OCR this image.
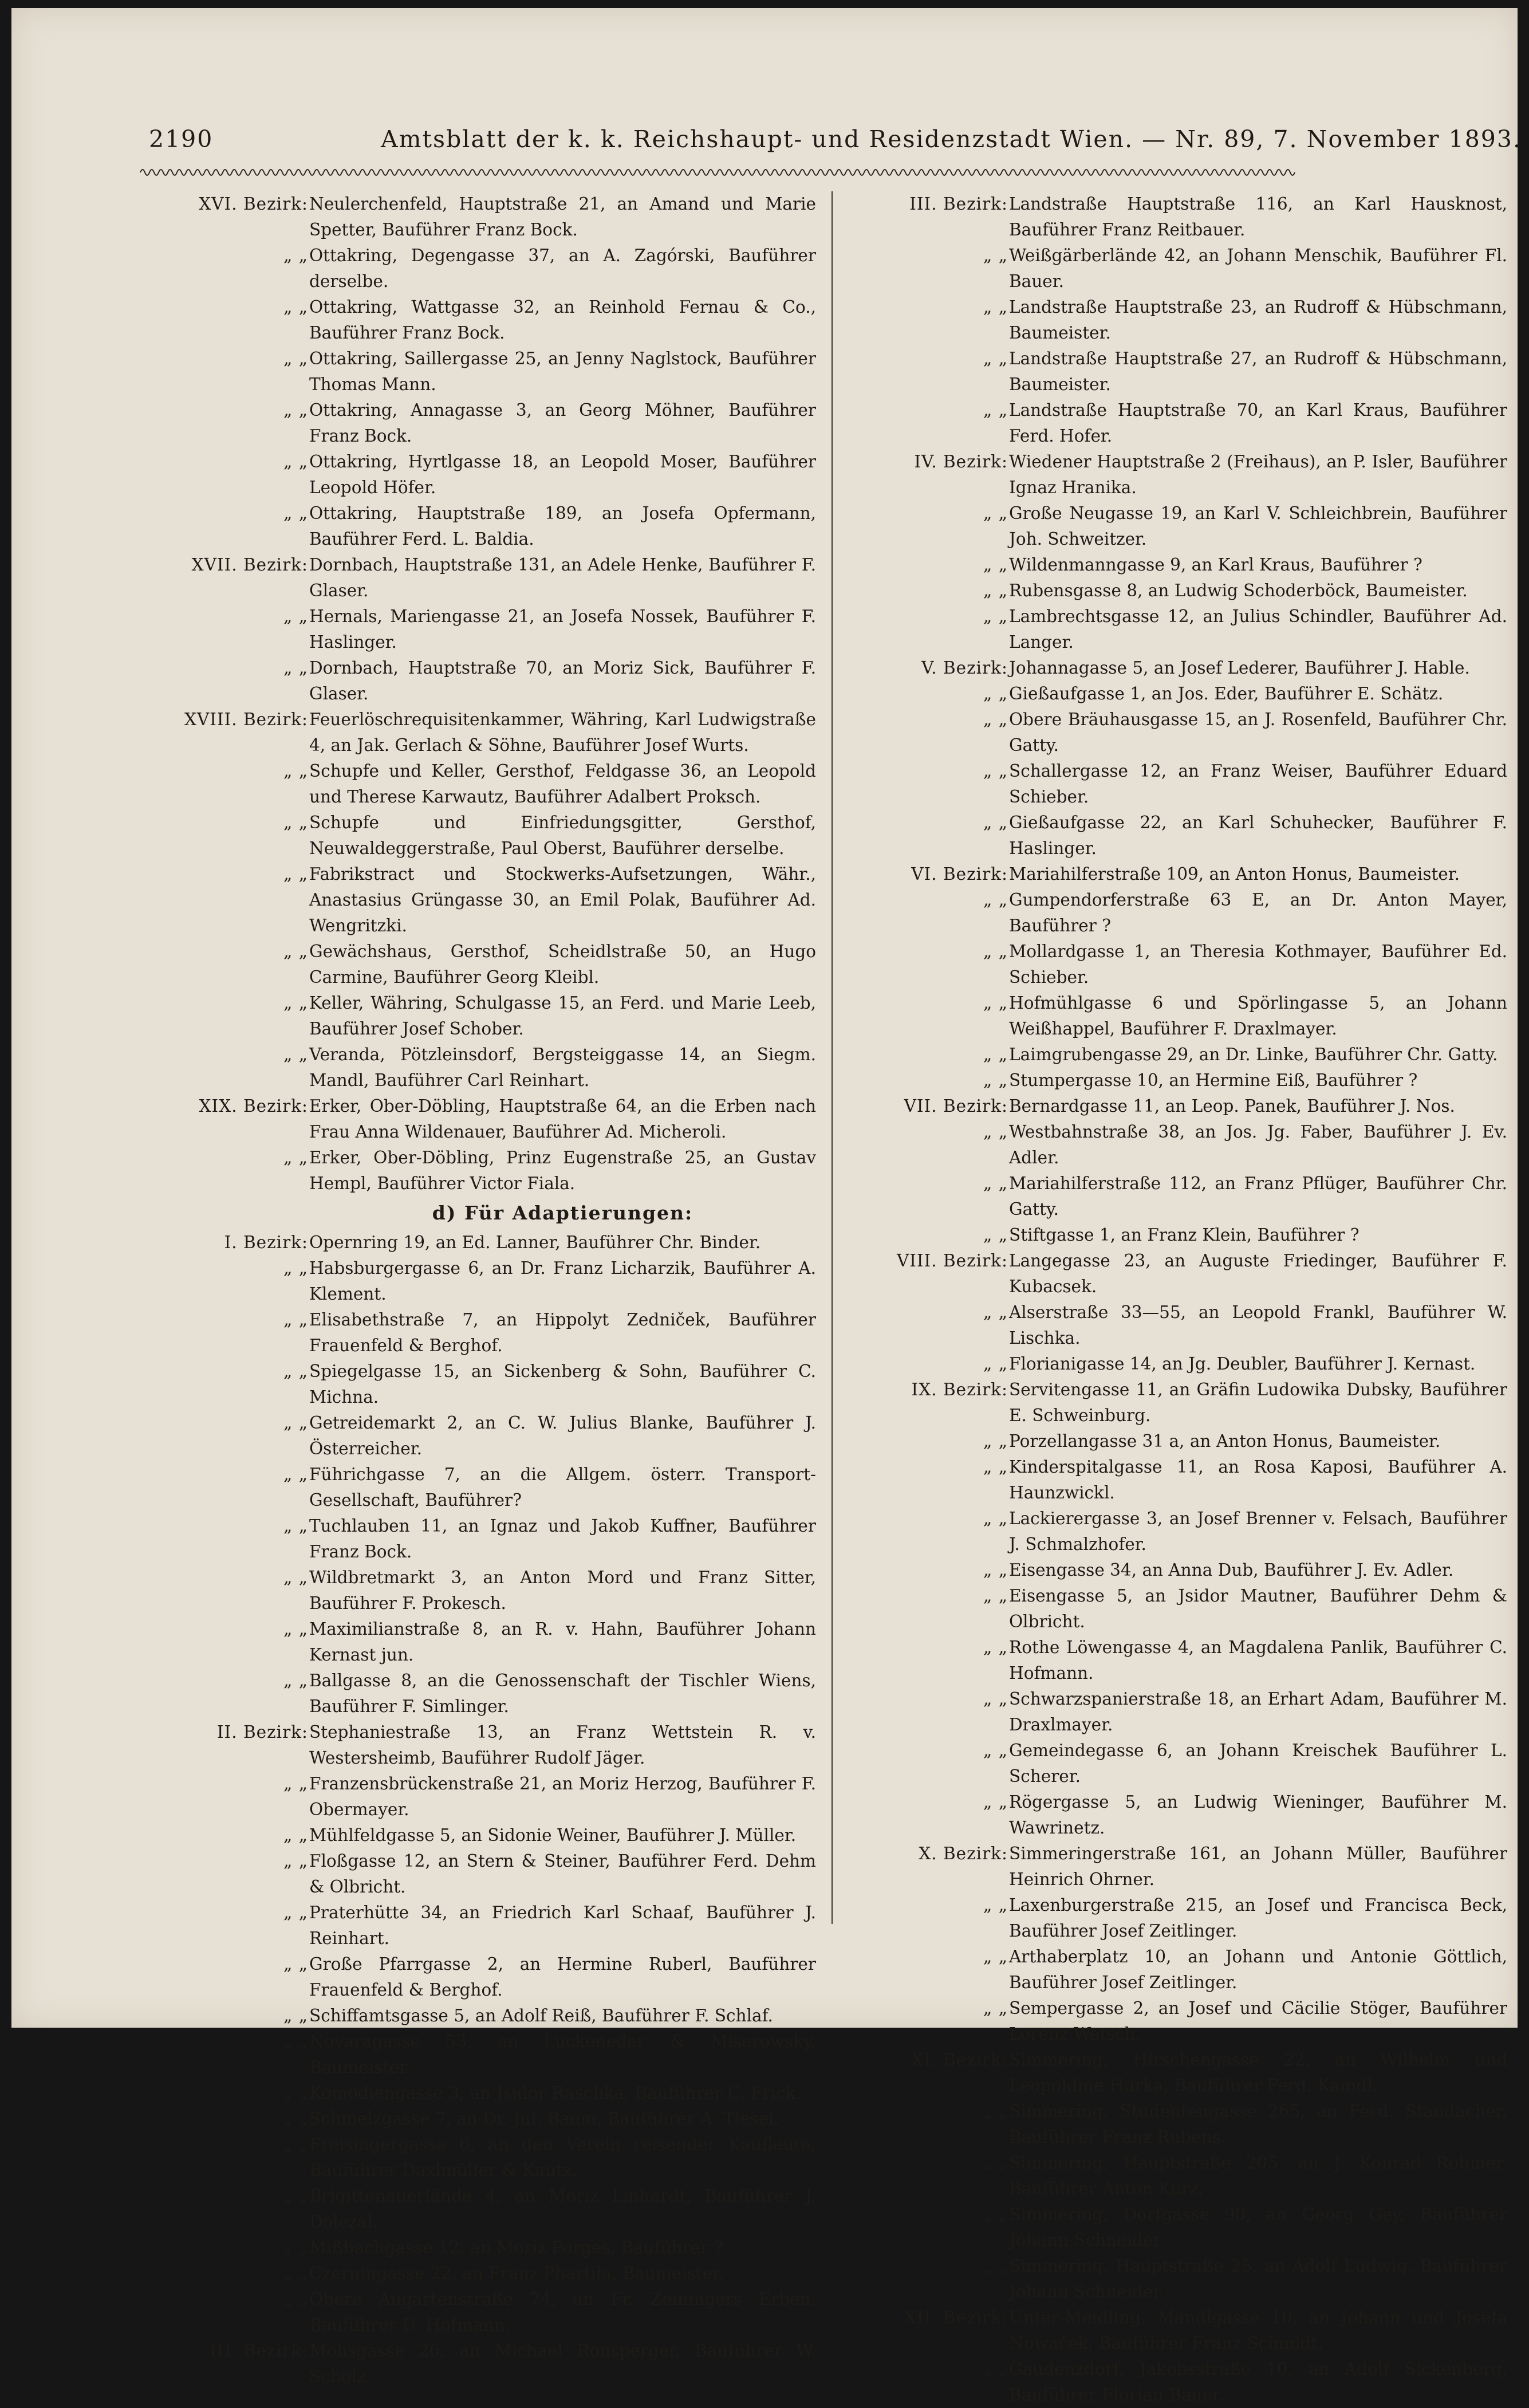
2190	Amtsblatt der k. k. Reichshaupt- und Residenzstadt Wien. — Nr. 89, 7. November 1893.
XVI. Bezirk: Neulerchenfeld, Hauptstraße 21, an Amand und Marie Spetter, Bauführer Franz Bock.
„ „ Ottakring, Degengasse 37, an A. Zagórski, Bauführer derselbe.
„ „ Ottakring, Wattgasse 32, an Reinhold Fernau & Co., Bauführer Franz Bock.
„ „ Ottakring, Saillergasse 25, an Jenny Naglstock, Bauführer Thomas Mann.
„ „ Ottakring, Annagasse 3, an Georg Möhner, Bauführer Franz Bock.
„ „ Ottakring, Hyrtlgasse 18, an Leopold Moser, Bauführer Leopold Höfer.
„ „ Ottakring, Hauptstraße 189, an Josefa Opfermann, Bauführer Ferd. L. Baldia.
XVII. Bezirk: Dornbach, Hauptstraße 131, an Adele Henke, Bauführer F. Glaser.
„ „ Hernals, Mariengasse 21, an Josefa Nossek, Bauführer F. Haslinger.
„ „ Dornbach, Hauptstraße 70, an Moriz Sick, Bauführer F. Glaser.
XVIII. Bezirk: Feuerlöschrequisitenkammer, Währing, Karl Ludwigstraße 4, an Jak. Gerlach & Söhne, Bauführer Josef Wurts.
„ „ Schupfe und Keller, Gersthof, Feldgasse 36, an Leopold und Therese Karwautz, Bauführer Adalbert Proksch.
„ „ Schupfe und Einfriedungsgitter, Gersthof, Neuwaldeggerstraße, Paul Oberst, Bauführer derselbe.
„ „ Fabrikstract und Stockwerks-Aufsetzungen, Währ., Anastasius Grüngasse 30, an Emil Polak, Bauführer Ad. Wengritzki.
„ „ Gewächshaus, Gersthof, Scheidlstraße 50, an Hugo Carmine, Bauführer Georg Kleibl.
„ „ Keller, Währing, Schulgasse 15, an Ferd. und Marie Leeb, Bauführer Josef Schober.
„ „ Veranda, Pötzleinsdorf, Bergsteiggasse 14, an Siegm. Mandl, Bauführer Carl Reinhart.
XIX. Bezirk: Erker, Ober-Döbling, Hauptstraße 64, an die Erben nach Frau Anna Wildenauer, Bauführer Ad. Micheroli.
„ „ Erker, Ober-Döbling, Prinz Eugenstraße 25, an Gustav Hempl, Bauführer Victor Fiala.
d) Für Adaptierungen:
I. Bezirk: Opernring 19, an Ed. Lanner, Bauführer Chr. Binder.
„ „ Habsburgergasse 6, an Dr. Franz Licharzik, Bauführer A. Klement.
„ „ Elisabethstraße 7, an Hippolyt Zedniček, Bauführer Frauenfeld & Berghof.
„ „ Spiegelgasse 15, an Sickenberg & Sohn, Bauführer C. Michna.
„ „ Getreidemarkt 2, an C. W. Julius Blanke, Bauführer J. Österreicher.
„ „ Führichgasse 7, an die Allgem. österr. Transport-Gesellschaft, Bauführer?
„ „ Tuchlauben 11, an Ignaz und Jakob Kuffner, Bauführer Franz Bock.
„ „ Wildbretmarkt 3, an Anton Mord und Franz Sitter, Bauführer F. Prokesch.
„ „ Maximilianstraße 8, an R. v. Hahn, Bauführer Johann Kernast jun.
„ „ Ballgasse 8, an die Genossenschaft der Tischler Wiens, Bauführer F. Simlinger.
II. Bezirk: Stephaniestraße 13, an Franz Wettstein R. v. Westersheimb, Bauführer Rudolf Jäger.
„ „ Franzensbrückenstraße 21, an Moriz Herzog, Bauführer F. Obermayer.
„ „ Mühlfeldgasse 5, an Sidonie Weiner, Bauführer J. Müller.
„ „ Floßgasse 12, an Stern & Steiner, Bauführer Ferd. Dehm & Olbricht.
„ „ Praterhütte 34, an Friedrich Karl Schaaf, Bauführer J. Reinhart.
„ „ Große Pfarrgasse 2, an Hermine Ruberl, Bauführer Frauenfeld & Berghof.
„ „ Schiffamtsgasse 5, an Adolf Reiß, Bauführer F. Schlaf.
„ „ Novaragasse 53, an Luckeneder & Miserowsky, Baumeister.
„ „ Komödiengasse 3, an Jsidor Raschka, Bauführer C. Frick.
„ „ Schmelzgasse 7, an Dr. Jul. Baum, Bauführer A. Tiesel.
„ „ Freisingergasse 6, an den Verein reisender Kaufleute, Bauführer Daxlmüller & Kautz.
„ „ Brigittenauerlände 4, an Moriz Linhardt, Bauführer J. Dolezal.
„ „ Mißbachgasse 12, an Moriz Porges, Bauführer ?
„ „ Czerningasse 22, an Franz Phartila, Baumeister.
„ „ Obere Augartenstraße 74, an Fr. Zeiningers Erben, Bauführer D. Hofmann.
III. Bezirk: Mohsgasse 26, an Michael Ronsperger, Bauführer W. Scholz.
III. Bezirk: Landstraße Hauptstraße 116, an Karl Hausknost, Bauführer Franz Reitbauer.
„ „ Weißgärberlände 42, an Johann Menschik, Bauführer Fl. Bauer.
„ „ Landstraße Hauptstraße 23, an Rudroff & Hübschmann, Baumeister.
„ „ Landstraße Hauptstraße 27, an Rudroff & Hübschmann, Baumeister.
„ „ Landstraße Hauptstraße 70, an Karl Kraus, Bauführer Ferd. Hofer.
IV. Bezirk: Wiedener Hauptstraße 2 (Freihaus), an P. Isler, Bauführer Ignaz Hranika.
„ „ Große Neugasse 19, an Karl V. Schleichbrein, Bauführer Joh. Schweitzer.
„ „ Wildenmanngasse 9, an Karl Kraus, Bauführer ?
„ „ Rubensgasse 8, an Ludwig Schoderböck, Baumeister.
„ „ Lambrechtsgasse 12, an Julius Schindler, Bauführer Ad. Langer.
V. Bezirk: Johannagasse 5, an Josef Lederer, Bauführer J. Hable.
„ „ Gießaufgasse 1, an Jos. Eder, Bauführer E. Schätz.
„ „ Obere Bräuhausgasse 15, an J. Rosenfeld, Bauführer Chr. Gatty.
„ „ Schallergasse 12, an Franz Weiser, Bauführer Eduard Schieber.
„ „ Gießaufgasse 22, an Karl Schuhecker, Bauführer F. Haslinger.
VI. Bezirk: Mariahilferstraße 109, an Anton Honus, Baumeister.
„ „ Gumpendorferstraße 63 E, an Dr. Anton Mayer, Bauführer ?
„ „ Mollardgasse 1, an Theresia Kothmayer, Bauführer Ed. Schieber.
„ „ Hofmühlgasse 6 und Spörlingasse 5, an Johann Weißhappel, Bauführer F. Draxlmayer.
„ „ Laimgrubengasse 29, an Dr. Linke, Bauführer Chr. Gatty.
„ „ Stumpergasse 10, an Hermine Eiß, Bauführer ?
VII. Bezirk: Bernardgasse 11, an Leop. Panek, Bauführer J. Nos.
„ „ Westbahnstraße 38, an Jos. Jg. Faber, Bauführer J. Ev. Adler.
„ „ Mariahilferstraße 112, an Franz Pflüger, Bauführer Chr. Gatty.
„ „ Stiftgasse 1, an Franz Klein, Bauführer ?
VIII. Bezirk: Langegasse 23, an Auguste Friedinger, Bauführer F. Kubacsek.
„ „ Alserstraße 33—55, an Leopold Frankl, Bauführer W. Lischka.
„ „ Florianigasse 14, an Jg. Deubler, Bauführer J. Kernast.
IX. Bezirk: Servitengasse 11, an Gräfin Ludowika Dubsky, Bauführer E. Schweinburg.
„ „ Porzellangasse 31 a, an Anton Honus, Baumeister.
„ „ Kinderspitalgasse 11, an Rosa Kaposi, Bauführer A. Haunzwickl.
„ „ Lackierergasse 3, an Josef Brenner v. Felsach, Bauführer J. Schmalzhofer.
„ „ Eisengasse 34, an Anna Dub, Bauführer J. Ev. Adler.
„ „ Eisengasse 5, an Jsidor Mautner, Bauführer Dehm & Olbricht.
„ „ Rothe Löwengasse 4, an Magdalena Panlik, Bauführer C. Hofmann.
„ „ Schwarzspanierstraße 18, an Erhart Adam, Bauführer M. Draxlmayer.
„ „ Gemeindegasse 6, an Johann Kreischek Bauführer L. Scherer.
„ „ Rögergasse 5, an Ludwig Wieninger, Bauführer M. Wawrinetz.
X. Bezirk: Simmeringerstraße 161, an Johann Müller, Bauführer Heinrich Ohrner.
„ „ Laxenburgerstraße 215, an Josef und Francisca Beck, Bauführer Josef Zeitlinger.
„ „ Arthaberplatz 10, an Johann und Antonie Göttlich, Bauführer Josef Zeitlinger.
„ „ Sempergasse 2, an Josef und Cäcilie Stöger, Bauführer Lorenz Wetsch.
XI. Bezirk: Simmering, Hirschengasse 22, an Wilhelm und Leopoldine Hurka, Bauführer Ferd. Kaindl.
„ „ Simmering, Studentengasse 265, an Ferd. Staudacher, Bauführer Franz Rubens.
„ „ Simmering, Hauptstraße 205, an J. Konrad Rohmer, Bauführer Anton Kurz.
„ „ Simmering, Dorfgasse 90, an Georg Gey, Bauführer Johann Schneider.
„ „ Simmering, Hauptstraße 25, an Adolf Ludwig, Bauführer Johann Schneider.
XII. Bezirk: Unter-Meidling, Mandlgasse 10, an Johann und Josefa Nowaček, Bauführer Franz Schmidt.
„ „ Gaudenzdorf, Jakobsstraße 10, an Adolf Sickenberg, Bauführer Florian Bauer.
